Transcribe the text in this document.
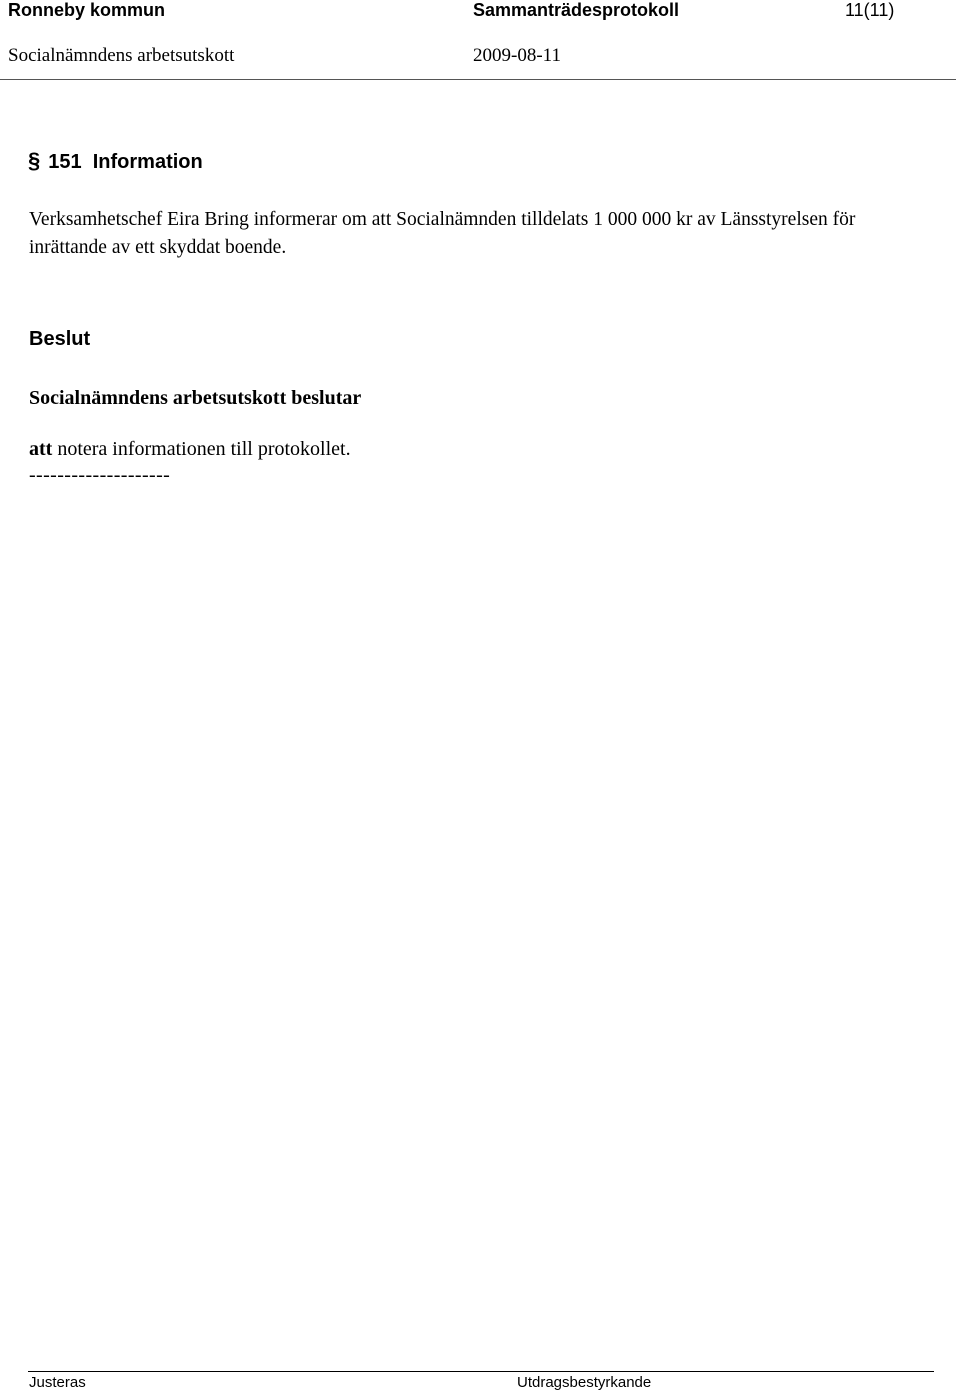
Ronneby kommun	Sammanträdesprotokoll	11(11)
Socialnämndens arbetsutskott	2009-08-11
§ 151 Information
Verksamhetschef Eira Bring informerar om att Socialnämnden tilldelats 1 000 000 kr av Länsstyrelsen för inrättande av ett skyddat boende.
Beslut
Socialnämndens arbetsutskott beslutar
att notera informationen till protokollet.
--------------------
Justeras	Utdragsbestyrkande
